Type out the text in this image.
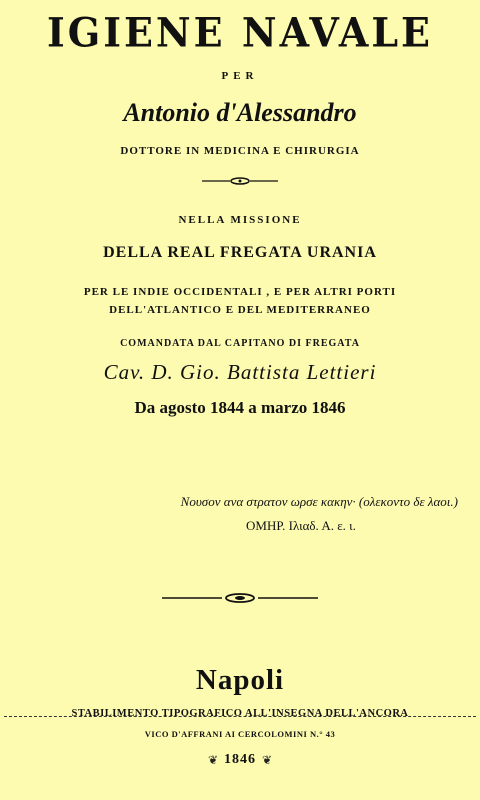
IGIENE NAVALE
PER
Antonio d'Alessandro
DOTTORE IN MEDICINA E CHIRURGIA
NELLA MISSIONE
DELLA REAL FREGATA URANIA
PER LE INDIE OCCIDENTALI , E PER ALTRI PORTI
DELL'ATLANTICO E DEL MEDITERRANEO
COMANDATA DAL CAPITANO DI FREGATA
Cav. D. Gio. Battista Lettieri
Da agosto 1844 a marzo 1846
Νουσον ανα στρατον ωρσε κακην· (ολεκοντο δε λαοι.)
ΟΜΗΡ. Ιλιαδ. Α. ε. ι.
Napoli
STABILIMENTO TIPOGRAFICO ALL'INSEGNA DELL'ANCORA
VICO D'AFFRANI AI CERCOLOMINI N.° 43
❦ 1846 ❦
